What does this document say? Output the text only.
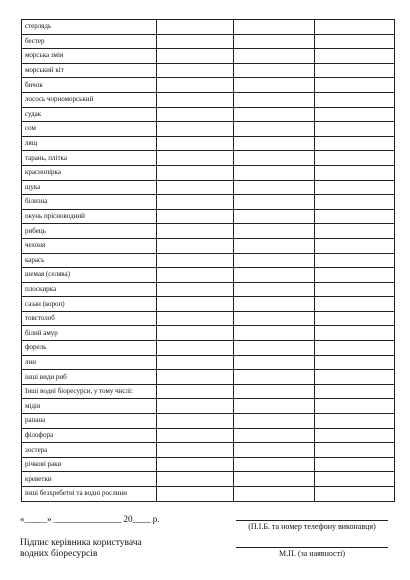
стерлядь			
бестер			
морська змiя			
морський кiт			
бичок			
лосось чорноморський			
судак			
сом			
лящ			
тарань, плітка			
краснопірка			
щука			
білизна			
окунь прісноводний			
рибець			
чехоня			
карась			
шемая (селява)			
плоскирка			
сазан (короп)			
товстолоб			
білий амур			
форель			
лин			
інші види риб			
Інші водні біоресурси, у тому числі:			
мідія			
рапана			
філофора			
зостера			
річкові раки			
креветки			
інші безхребетні та водні рослини			
«_____» _______________ 20____ р.
Підпис керівника користувача водних біоресурсів
(П.І.Б. та номер телефону виконавця)
М.П. (за наявності)
